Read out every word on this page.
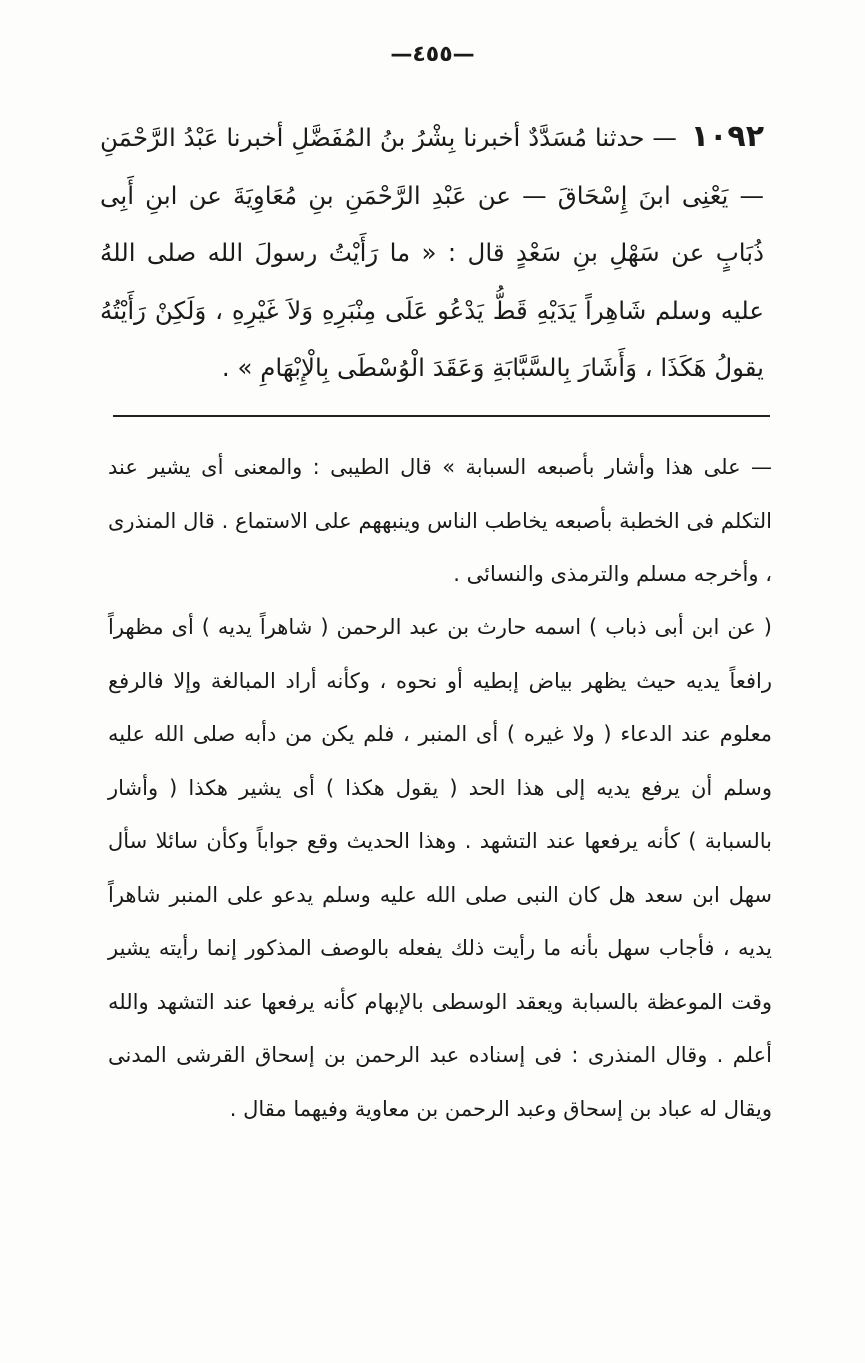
—٤٥٥—
١٠٩٢ — حدثنا مُسَدَّدٌ أخبرنا بِشْرُ بنُ المُفَضَّلِ أخبرنا عَبْدُ الرَّحْمَنِ — يَعْنِى ابنَ إِسْحَاقَ — عن عَبْدِ الرَّحْمَنِ بنِ مُعَاوِيَةَ عن ابنِ أَبِى ذُبَابٍ عن سَهْلِ بنِ سَعْدٍ قال : « ما رَأَيْتُ رسولَ الله صلى اللهُ عليه وسلم شَاهِراً يَدَيْهِ قَطُّ يَدْعُو عَلَى مِنْبَرِهِ وَلاَ غَيْرِهِ ، وَلَكِنْ رَأَيْتُهُ يقولُ هَكَذَا ، وَأَشَارَ بِالسَّبَّابَةِ وَعَقَدَ الْوُسْطَى بِالْإِبْهَامِ » .

— على هذا وأشار بأصبعه السبابة » قال الطيبى : والمعنى أى يشير عند التكلم فى الخطبة بأصبعه يخاطب الناس وينبههم على الاستماع . قال المنذرى ، وأخرجه مسلم والترمذى والنسائى .

( عن ابن أبى ذباب ) اسمه حارث بن عبد الرحمن ( شاهراً يديه ) أى مظهراً رافعاً يديه حيث يظهر بياض إبطيه أو نحوه ، وكأنه أراد المبالغة وإلا فالرفع معلوم عند الدعاء ( ولا غيره ) أى المنبر ، فلم يكن من دأبه صلى الله عليه وسلم أن يرفع يديه إلى هذا الحد ( يقول هكذا ) أى يشير هكذا ( وأشار بالسبابة ) كأنه يرفعها عند التشهد . وهذا الحديث وقع جواباً وكأن سائلا سأل سهل ابن سعد هل كان النبى صلى الله عليه وسلم يدعو على المنبر شاهراً يديه ، فأجاب سهل بأنه ما رأيت ذلك يفعله بالوصف المذكور إنما رأيته يشير وقت الموعظة بالسبابة ويعقد الوسطى بالإبهام كأنه يرفعها عند التشهد والله أعلم . وقال المنذرى : فى إسناده عبد الرحمن بن إسحاق القرشى المدنى ويقال له عباد بن إسحاق وعبد الرحمن بن معاوية وفيهما مقال .
